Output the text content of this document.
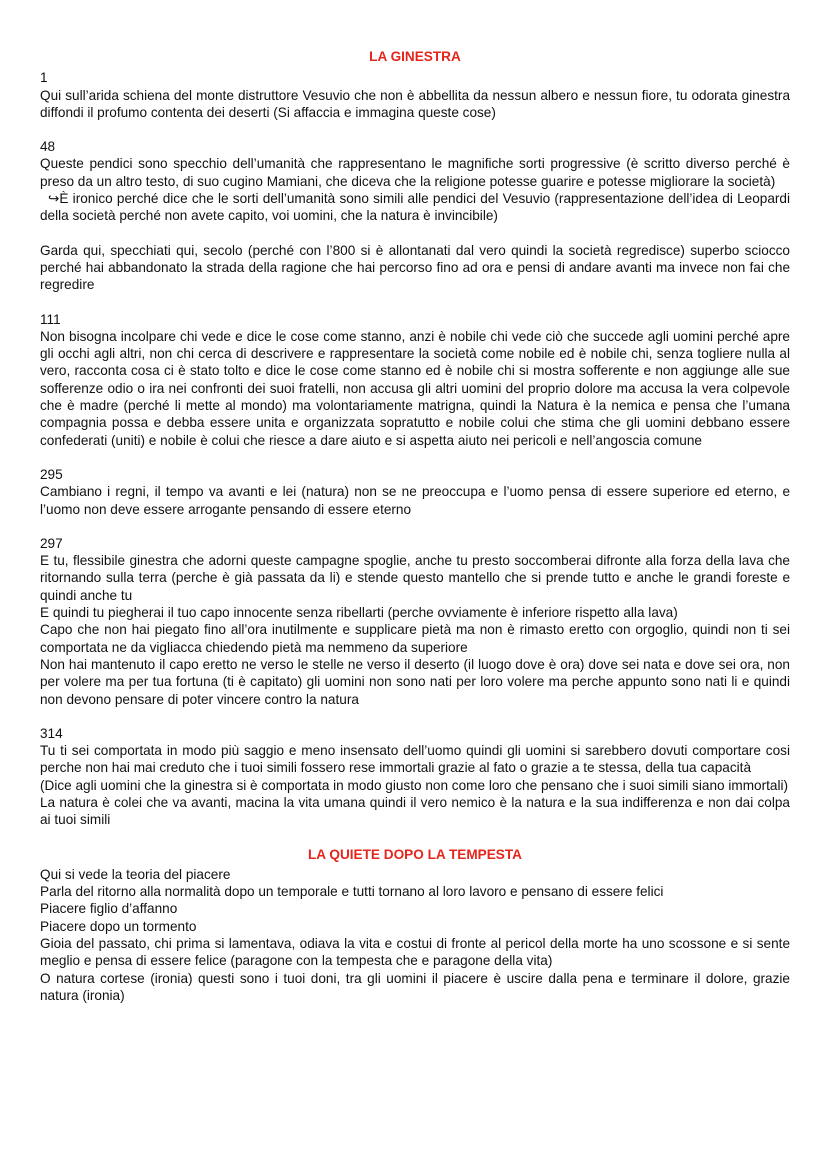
LA GINESTRA
1

Qui sull’arida schiena del monte distruttore Vesuvio che non è abbellita da nessun albero e nessun fiore, tu odorata ginestra diffondi il profumo contenta dei deserti (Si affaccia e immagina queste cose)

48

Queste pendici sono specchio dell’umanità che rappresentano le magnifiche sorti progressive (è scritto diverso perché è preso da un altro testo, di suo cugino Mamiani, che diceva che la religione potesse guarire e potesse migliorare la società)

↪È ironico perché dice che le sorti dell’umanità sono simili alle pendici del Vesuvio (rappresentazione dell’idea di Leopardi della società perché non avete capito, voi uomini, che la natura è invincibile)

Garda qui, specchiati qui, secolo (perché con l’800 si è allontanati dal vero quindi la società regredisce) superbo sciocco perché hai abbandonato la strada della ragione che hai percorso fino ad ora e pensi di andare avanti ma invece non fai che regredire

111

Non bisogna incolpare chi vede e dice le cose come stanno, anzi è nobile chi vede ciò che succede agli uomini perché apre gli occhi agli altri, non chi cerca di descrivere e rappresentare la società come nobile ed è nobile chi, senza togliere nulla al vero, racconta cosa ci è stato tolto e dice le cose come stanno ed è nobile chi si mostra sofferente e non aggiunge alle sue sofferenze odio o ira nei confronti dei suoi fratelli, non accusa gli altri uomini del proprio dolore ma accusa la vera colpevole che è madre (perché li mette al mondo) ma volontariamente matrigna, quindi la Natura è la nemica e pensa che l’umana compagnia possa e debba essere unita e organizzata sopratutto e nobile colui che stima che gli uomini debbano essere confederati (uniti) e nobile è colui che riesce a dare aiuto e si aspetta aiuto nei pericoli e nell’angoscia comune

295

Cambiano i regni, il tempo va avanti e lei (natura) non se ne preoccupa e l’uomo pensa di essere superiore ed eterno, e l’uomo non deve essere arrogante pensando di essere eterno

297

E tu, flessibile ginestra che adorni queste campagne spoglie, anche tu presto soccomberai difronte alla forza della lava che ritornando sulla terra (perche è già passata da li) e stende questo mantello che si prende tutto e anche le grandi foreste e quindi anche tu

E quindi tu piegherai il tuo capo innocente senza ribellarti (perche ovviamente è inferiore rispetto alla lava)

Capo che non hai piegato fino all’ora inutilmente e supplicare pietà ma non è rimasto eretto con orgoglio, quindi non ti sei comportata ne da vigliacca chiedendo pietà ma nemmeno da superiore

Non hai mantenuto il capo eretto ne verso le stelle ne verso il deserto (il luogo dove è ora) dove sei nata e dove sei ora, non per volere ma per tua fortuna (ti è capitato) gli uomini non sono nati per loro volere ma perche appunto sono nati li e quindi non devono pensare di poter vincere contro la natura

314

Tu ti sei comportata in modo più saggio e meno insensato dell’uomo quindi gli uomini si sarebbero dovuti comportare cosi perche non hai mai creduto che i tuoi simili fossero rese immortali grazie al fato o grazie a te stessa, della tua capacità

(Dice agli uomini che la ginestra si è comportata in modo giusto non come loro che pensano che i suoi simili siano immortali)

La natura è colei che va avanti, macina la vita umana quindi il vero nemico è la natura e la sua indifferenza e non dai colpa ai tuoi simili

LA QUIETE DOPO LA TEMPESTA

Qui si vede la teoria del piacere

Parla del ritorno alla normalità dopo un temporale e tutti tornano al loro lavoro e pensano di essere felici

Piacere figlio d’affanno

Piacere dopo un tormento

Gioia del passato, chi prima si lamentava, odiava la vita e costui di fronte al pericol della morte ha uno scossone e si sente meglio e pensa di essere felice (paragone con la tempesta che e paragone della vita)

O natura cortese (ironia) questi sono i tuoi doni, tra gli uomini il piacere è uscire dalla pena e terminare il dolore, grazie natura (ironia)
